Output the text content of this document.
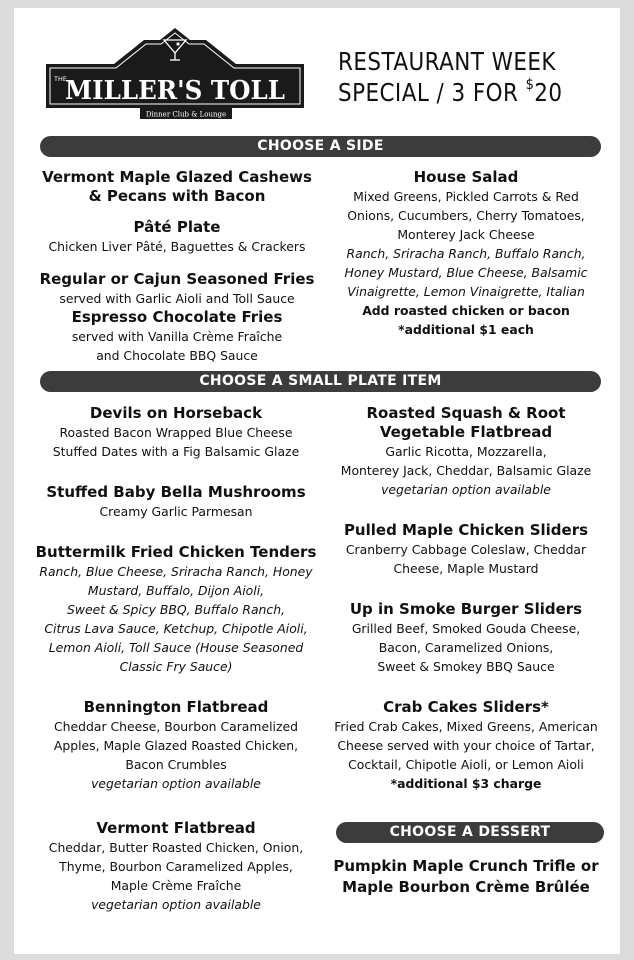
THE
MILLER'S TOLL
Dinner Club & Lounge
RESTAURANT WEEK
SPECIAL / 3 FOR $20
CHOOSE A SIDE
Vermont Maple Glazed Cashews
& Pecans with Bacon
Pâté Plate
Chicken Liver Pâté, Baguettes & Crackers
Regular or Cajun Seasoned Fries
served with Garlic Aioli and Toll Sauce
Espresso Chocolate Fries
served with Vanilla Crème Fraîche
and Chocolate BBQ Sauce
House Salad
Mixed Greens, Pickled Carrots & Red
Onions, Cucumbers, Cherry Tomatoes,
Monterey Jack Cheese
Ranch, Sriracha Ranch, Buffalo Ranch,
Honey Mustard, Blue Cheese, Balsamic
Vinaigrette, Lemon Vinaigrette, Italian
Add roasted chicken or bacon
*additional $1 each
CHOOSE A SMALL PLATE ITEM
Devils on Horseback
Roasted Bacon Wrapped Blue Cheese
Stuffed Dates with a Fig Balsamic Glaze
Stuffed Baby Bella Mushrooms
Creamy Garlic Parmesan
Buttermilk Fried Chicken Tenders
Ranch, Blue Cheese, Sriracha Ranch, Honey
Mustard, Buffalo, Dijon Aioli,
Sweet & Spicy BBQ, Buffalo Ranch,
Citrus Lava Sauce, Ketchup, Chipotle Aioli,
Lemon Aioli, Toll Sauce (House Seasoned
Classic Fry Sauce)
Bennington Flatbread
Cheddar Cheese, Bourbon Caramelized
Apples, Maple Glazed Roasted Chicken,
Bacon Crumbles
vegetarian option available
Vermont Flatbread
Cheddar, Butter Roasted Chicken, Onion,
Thyme, Bourbon Caramelized Apples,
Maple Crème Fraîche
vegetarian option available
Roasted Squash & Root
Vegetable Flatbread
Garlic Ricotta, Mozzarella,
Monterey Jack, Cheddar, Balsamic Glaze
vegetarian option available
Pulled Maple Chicken Sliders
Cranberry Cabbage Coleslaw, Cheddar
Cheese, Maple Mustard
Up in Smoke Burger Sliders
Grilled Beef, Smoked Gouda Cheese,
Bacon, Caramelized Onions,
Sweet & Smokey BBQ Sauce
Crab Cakes Sliders*
Fried Crab Cakes, Mixed Greens, American
Cheese served with your choice of Tartar,
Cocktail, Chipotle Aioli, or Lemon Aioli
*additional $3 charge
CHOOSE A DESSERT
Pumpkin Maple Crunch Trifle or
Maple Bourbon Crème Brûlée
